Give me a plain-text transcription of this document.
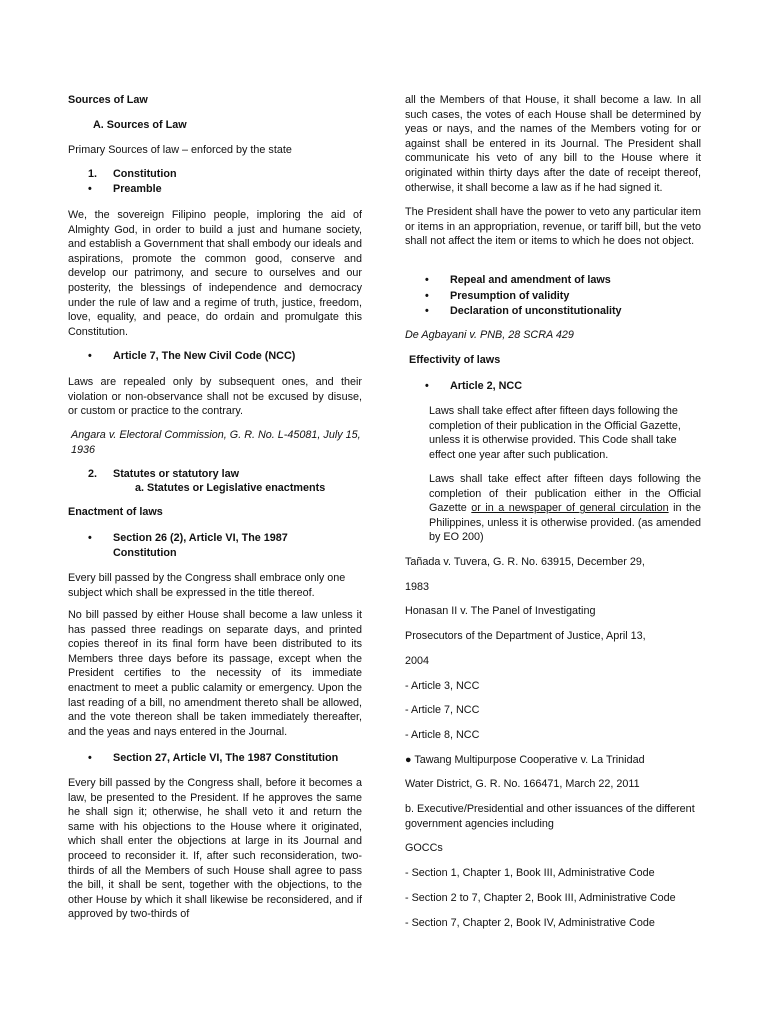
Sources of Law

A. Sources of Law

Primary Sources of law – enforced by the state

1. Constitution
• Preamble

We, the sovereign Filipino people, imploring the aid of Almighty God, in order to build a just and humane society, and establish a Government that shall embody our ideals and aspirations, promote the common good, conserve and develop our patrimony, and secure to ourselves and our posterity, the blessings of independence and democracy under the rule of law and a regime of truth, justice, freedom, love, equality, and peace, do ordain and promulgate this Constitution.

• Article 7, The New Civil Code (NCC)

Laws are repealed only by subsequent ones, and their violation or non-observance shall not be excused by disuse, or custom or practice to the contrary.

Angara v. Electoral Commission, G. R. No. L-45081, July 15, 1936

2. Statutes or statutory law

a. Statutes or Legislative enactments

Enactment of laws

• Section 26 (2), Article VI, The 1987 Constitution

Every bill passed by the Congress shall embrace only one subject which shall be expressed in the title thereof.

No bill passed by either House shall become a law unless it has passed three readings on separate days, and printed copies thereof in its final form have been distributed to its Members three days before its passage, except when the President certifies to the necessity of its immediate enactment to meet a public calamity or emergency. Upon the last reading of a bill, no amendment thereto shall be allowed, and the vote thereon shall be taken immediately thereafter, and the yeas and nays entered in the Journal.

• Section 27, Article VI, The 1987 Constitution

Every bill passed by the Congress shall, before it becomes a law, be presented to the President. If he approves the same he shall sign it; otherwise, he shall veto it and return the same with his objections to the House where it originated, which shall enter the objections at large in its Journal and proceed to reconsider it. If, after such reconsideration, two-thirds of all the Members of such House shall agree to pass the bill, it shall be sent, together with the objections, to the other House by which it shall likewise be reconsidered, and if approved by two-thirds of

all the Members of that House, it shall become a law. In all such cases, the votes of each House shall be determined by yeas or nays, and the names of the Members voting for or against shall be entered in its Journal. The President shall communicate his veto of any bill to the House where it originated within thirty days after the date of receipt thereof, otherwise, it shall become a law as if he had signed it.

The President shall have the power to veto any particular item or items in an appropriation, revenue, or tariff bill, but the veto shall not affect the item or items to which he does not object.

• Repeal and amendment of laws
• Presumption of validity
• Declaration of unconstitutionality

De Agbayani v. PNB, 28 SCRA 429

Effectivity of laws

• Article 2, NCC

Laws shall take effect after fifteen days following the completion of their publication in the Official Gazette, unless it is otherwise provided. This Code shall take effect one year after such publication.

Laws shall take effect after fifteen days following the completion of their publication either in the Official Gazette or in a newspaper of general circulation in the Philippines, unless it is otherwise provided. (as amended by EO 200)

Tañada v. Tuvera, G. R. No. 63915, December 29,

1983

Honasan II v. The Panel of Investigating

Prosecutors of the Department of Justice, April 13,

2004

- Article 3, NCC

- Article 7, NCC

- Article 8, NCC

● Tawang Multipurpose Cooperative v. La Trinidad

Water District, G. R. No. 166471, March 22, 2011

b. Executive/Presidential and other issuances of the different government agencies including

GOCCs

- Section 1, Chapter 1, Book III, Administrative Code

- Section 2 to 7, Chapter 2, Book III, Administrative Code

- Section 7, Chapter 2, Book IV, Administrative Code
